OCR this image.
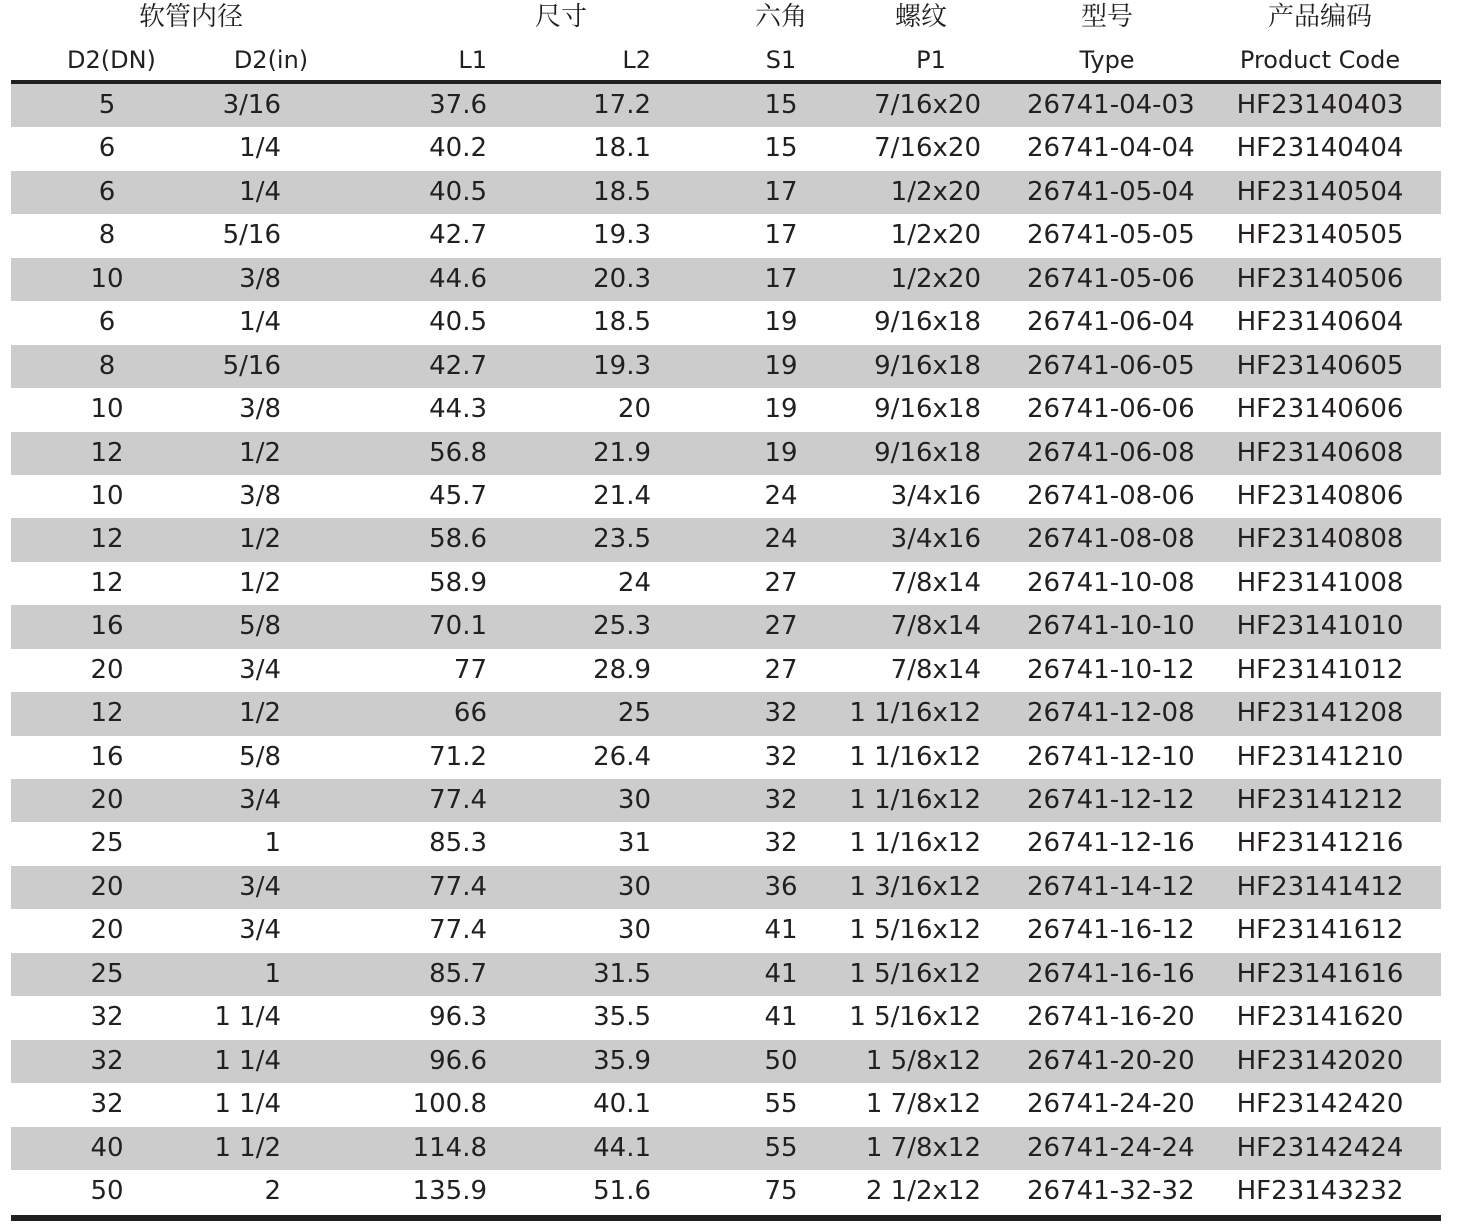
软管内径	尺寸	六角	螺纹	型号	产品编码
D2(DN)	D2(in)	L1	L2	S1	P1	Type	Product Code
5	3/16	37.6	17.2	15	7/16x20 26741-04-03	HF23140403
6	1/4	40.2	18.1	15	7/16x20 26741-04-04	HF23140404
6	1/4	40.5	18.5	17	1/2x20 26741-05-04	HF23140504
8	5/16	42.7	19.3	17	1/2x20 26741-05-05	HF23140505
10	3/8	44.6	20.3	17	1/2x20 26741-05-06	HF23140506
6	1/4	40.5	18.5	19	9/16x18 26741-06-04	HF23140604
8	5/16	42.7	19.3	19	9/16x18 26741-06-05	HF23140605
10	3/8	44.3	20	19	9/16x18 26741-06-06	HF23140606
12	1/2	56.8	21.9	19	9/16x18 26741-06-08	HF23140608
10	3/8	45.7	21.4	24	3/4x16 26741-08-06	HF23140806
12	1/2	58.6	23.5	24	3/4x16 26741-08-08	HF23140808
12	1/2	58.9	24	27	7/8x14 26741-10-08	HF23141008
16	5/8	70.1	25.3	27	7/8x14 26741-10-10	HF23141010
20	3/4	77	28.9	27	7/8x14 26741-10-12	HF23141012
12	1/2	66	25	32	1 1/16x12 26741-12-08	HF23141208
16	5/8	71.2	26.4	32	1 1/16x12 26741-12-10	HF23141210
20	3/4	77.4	30	32	1 1/16x12 26741-12-12	HF23141212
25	1	85.3	31	32	1 1/16x12 26741-12-16	HF23141216
20	3/4	77.4	30	36	1 3/16x12 26741-14-12	HF23141412
20	3/4	77.4	30	41	1 5/16x12 26741-16-12	HF23141612
25	1	85.7	31.5	41	1 5/16x12 26741-16-16	HF23141616
32	1 1/4	96.3	35.5	41	1 5/16x12 26741-16-20	HF23141620
32	1 1/4	96.6	35.9	50	1 5/8x12 26741-20-20	HF23142020
32	1 1/4	100.8	40.1	55	1 7/8x12 26741-24-20	HF23142420
40	1 1/2	114.8	44.1	55	1 7/8x12 26741-24-24	HF23142424
50	2	135.9	51.6	75	2 1/2x12 26741-32-32	HF23143232
